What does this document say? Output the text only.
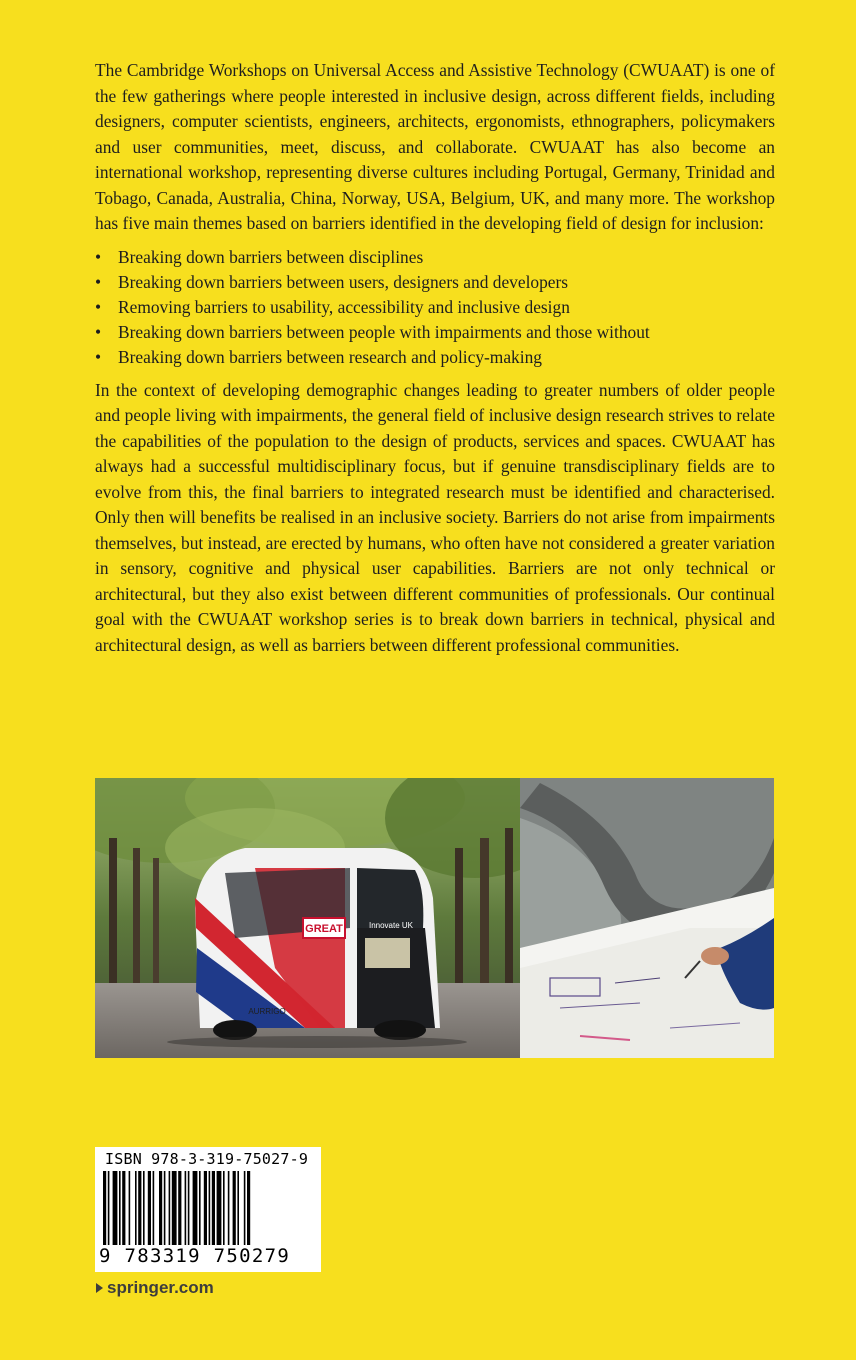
The Cambridge Workshops on Universal Access and Assistive Technology (CWUAAT) is one of the few gatherings where people interested in inclusive design, across different fields, including designers, computer scientists, engineers, architects, ergonomists, ethnographers, policymakers and user communities, meet, discuss, and collaborate. CWUAAT has also become an international workshop, representing diverse cultures including Portugal, Germany, Trinidad and Tobago, Canada, Australia, China, Norway, USA, Belgium, UK, and many more. The workshop has five main themes based on barriers identified in the developing field of design for inclusion:

• Breaking down barriers between disciplines
• Breaking down barriers between users, designers and developers
• Removing barriers to usability, accessibility and inclusive design
• Breaking down barriers between people with impairments and those without
• Breaking down barriers between research and policy-making

In the context of developing demographic changes leading to greater numbers of older people and people living with impairments, the general field of inclusive design research strives to relate the capabilities of the population to the design of products, services and spaces. CWUAAT has always had a successful multidisciplinary focus, but if genuine transdisciplinary fields are to evolve from this, the final barriers to integrated research must be identified and characterised. Only then will benefits be realised in an inclusive society. Barriers do not arise from impairments themselves, but instead, are erected by humans, who often have not considered a greater variation in sensory, cognitive and physical user capabilities. Barriers are not only technical or architectural, but they also exist between different communities of professionals. Our continual goal with the CWUAAT workshop series is to break down barriers in technical, physical and architectural design, as well as barriers between different professional communities.

GREAT	Innovate UK
AURRIGO
ISBN 978-3-319-75027-9
9 783319 750279
springer.com
